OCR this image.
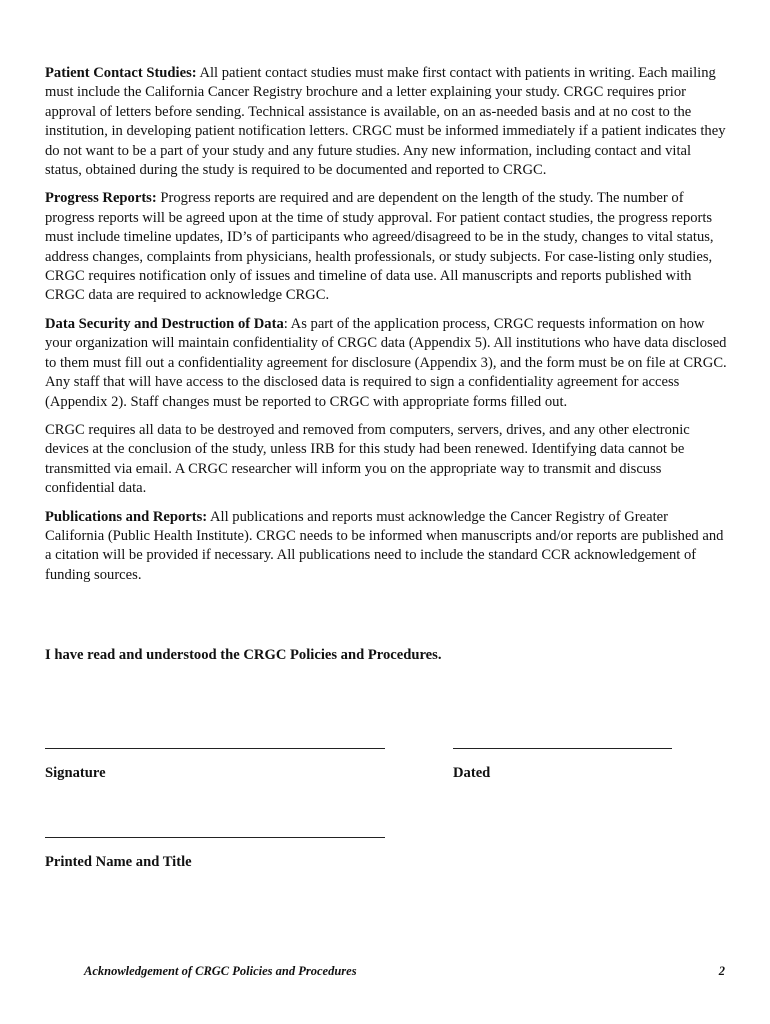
Patient Contact Studies: All patient contact studies must make first contact with patients in writing. Each mailing must include the California Cancer Registry brochure and a letter explaining your study. CRGC requires prior approval of letters before sending. Technical assistance is available, on an as-needed basis and at no cost to the institution, in developing patient notification letters. CRGC must be informed immediately if a patient indicates they do not want to be a part of your study and any future studies. Any new information, including contact and vital status, obtained during the study is required to be documented and reported to CRGC.

Progress Reports: Progress reports are required and are dependent on the length of the study. The number of progress reports will be agreed upon at the time of study approval. For patient contact studies, the progress reports must include timeline updates, ID’s of participants who agreed/disagreed to be in the study, changes to vital status, address changes, complaints from physicians, health professionals, or study subjects. For case-listing only studies, CRGC requires notification only of issues and timeline of data use. All manuscripts and reports published with CRGC data are required to acknowledge CRGC.

Data Security and Destruction of Data: As part of the application process, CRGC requests information on how your organization will maintain confidentiality of CRGC data (Appendix 5). All institutions who have data disclosed to them must fill out a confidentiality agreement for disclosure (Appendix 3), and the form must be on file at CRGC. Any staff that will have access to the disclosed data is required to sign a confidentiality agreement for access (Appendix 2). Staff changes must be reported to CRGC with appropriate forms filled out.

CRGC requires all data to be destroyed and removed from computers, servers, drives, and any other electronic devices at the conclusion of the study, unless IRB for this study had been renewed. Identifying data cannot be transmitted via email. A CRGC researcher will inform you on the appropriate way to transmit and discuss confidential data.

Publications and Reports: All publications and reports must acknowledge the Cancer Registry of Greater California (Public Health Institute). CRGC needs to be informed when manuscripts and/or reports are published and a citation will be provided if necessary. All publications need to include the standard CCR acknowledgement of funding sources.

I have read and understood the CRGC Policies and Procedures.

Signature	Dated

Printed Name and Title

Acknowledgement of CRGC Policies and Procedures	2
